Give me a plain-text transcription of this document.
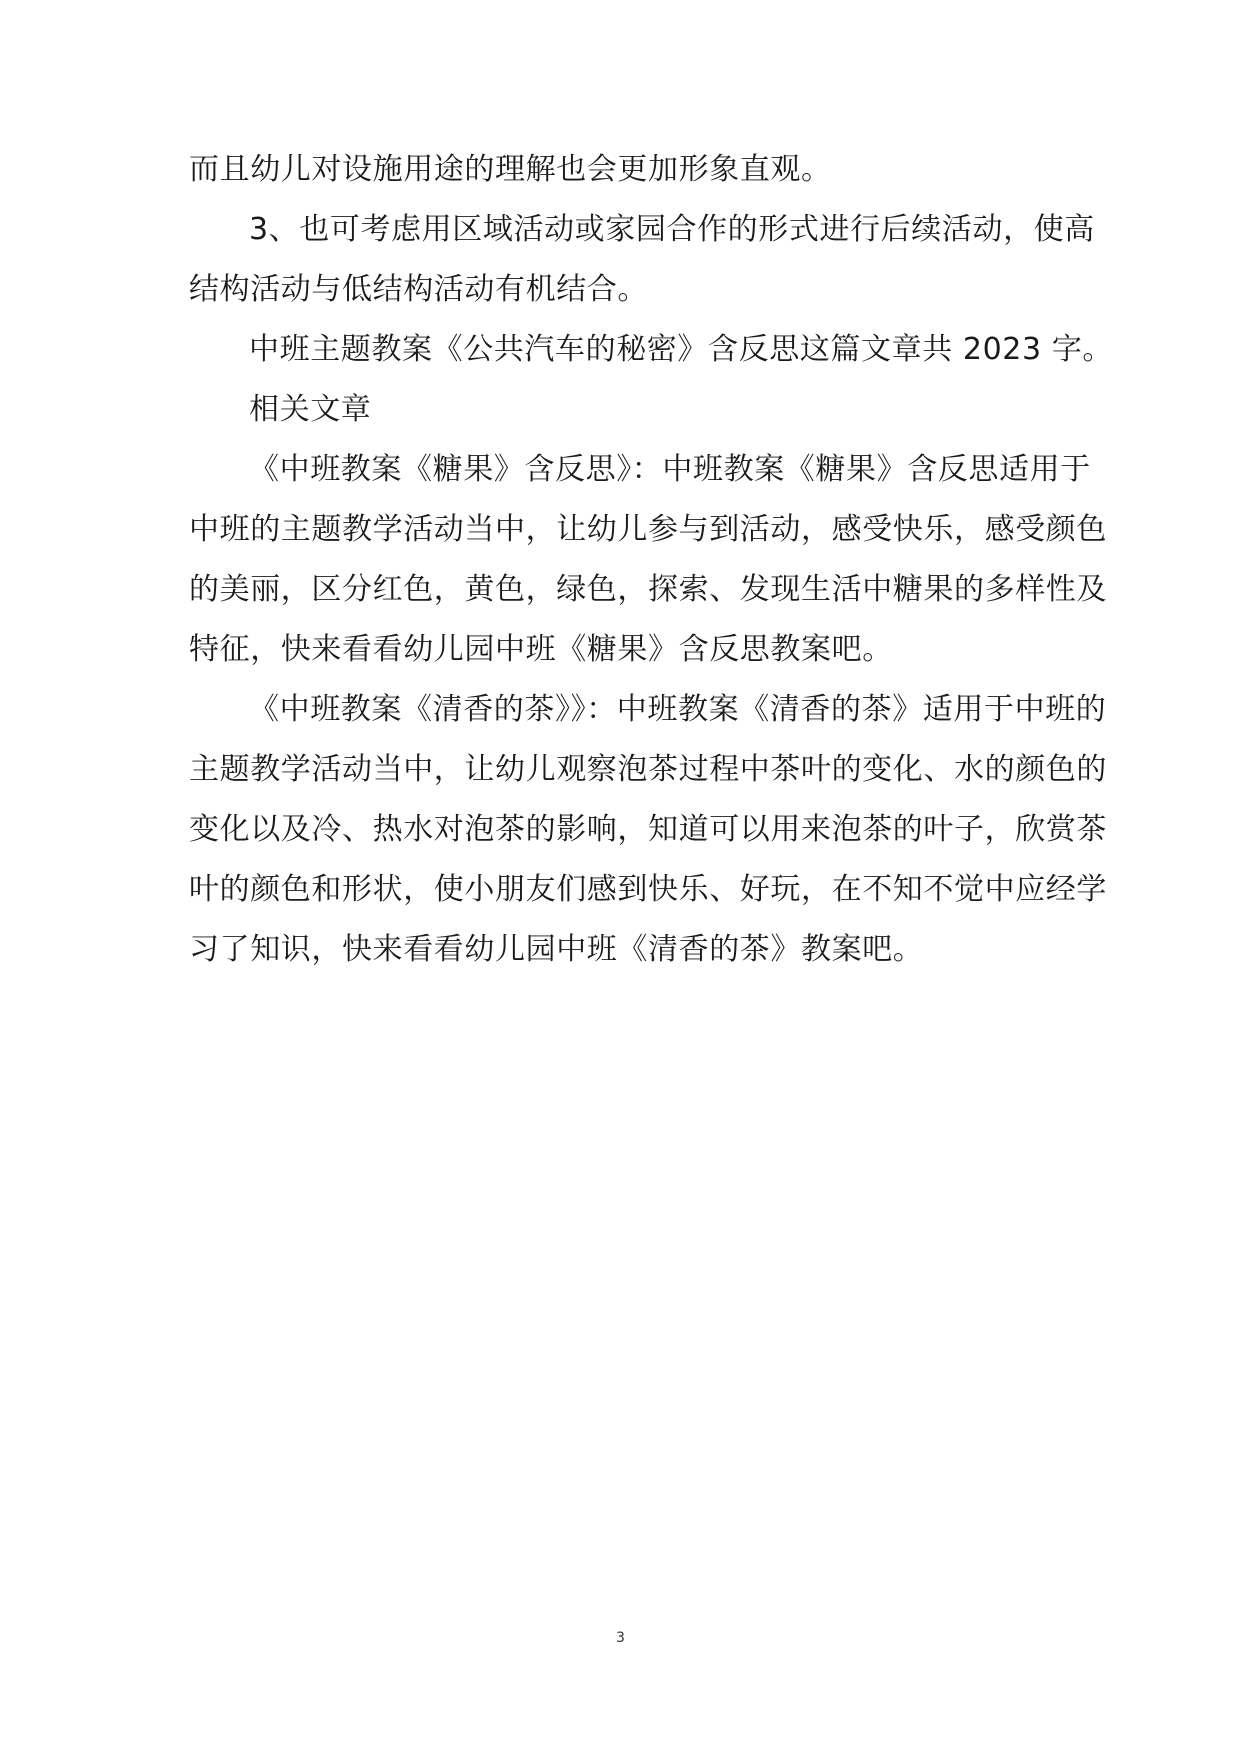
而且幼儿对设施用途的理解也会更加形象直观。

3、也可考虑用区域活动或家园合作的形式进行后续活动，使高
结构活动与低结构活动有机结合。

中班主题教案《公共汽车的秘密》含反思这篇文章共 2023 字。

相关文章

《中班教案《糖果》含反思》：中班教案《糖果》含反思适用于
中班的主题教学活动当中，让幼儿参与到活动，感受快乐，感受颜色
的美丽，区分红色，黄色，绿色，探索、发现生活中糖果的多样性及
特征，快来看看幼儿园中班《糖果》含反思教案吧。

《中班教案《清香的茶》》：中班教案《清香的茶》适用于中班的
主题教学活动当中，让幼儿观察泡茶过程中茶叶的变化、水的颜色的
变化以及冷、热水对泡茶的影响，知道可以用来泡茶的叶子，欣赏茶
叶的颜色和形状，使小朋友们感到快乐、好玩，在不知不觉中应经学
习了知识，快来看看幼儿园中班《清香的茶》教案吧。

3
